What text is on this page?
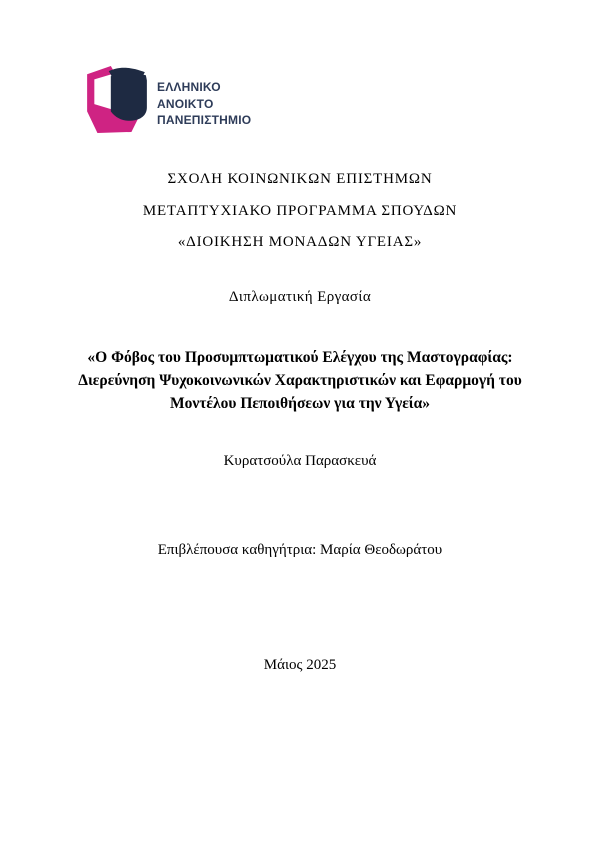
ΕΛΛΗΝΙΚΟ
ΑΝΟΙΚΤΟ
ΠΑΝΕΠΙΣΤΗΜΙΟ
ΣΧΟΛΗ ΚΟΙΝΩΝΙΚΩΝ ΕΠΙΣΤΗΜΩΝ
ΜΕΤΑΠΤΥΧΙΑΚΟ ΠΡΟΓΡΑΜΜΑ ΣΠΟΥΔΩΝ
«ΔΙΟΙΚΗΣΗ ΜΟΝΑΔΩΝ ΥΓΕΙΑΣ»
Διπλωματική Εργασία
«Ο Φόβος του Προσυμπτωματικού Ελέγχου της Μαστογραφίας:
Διερεύνηση Ψυχοκοινωνικών Χαρακτηριστικών και Εφαρμογή του
Μοντέλου Πεποιθήσεων για την Υγεία»
Κυρατσούλα Παρασκευά
Επιβλέπουσα καθηγήτρια: Μαρία Θεοδωράτου
Μάιος 2025
